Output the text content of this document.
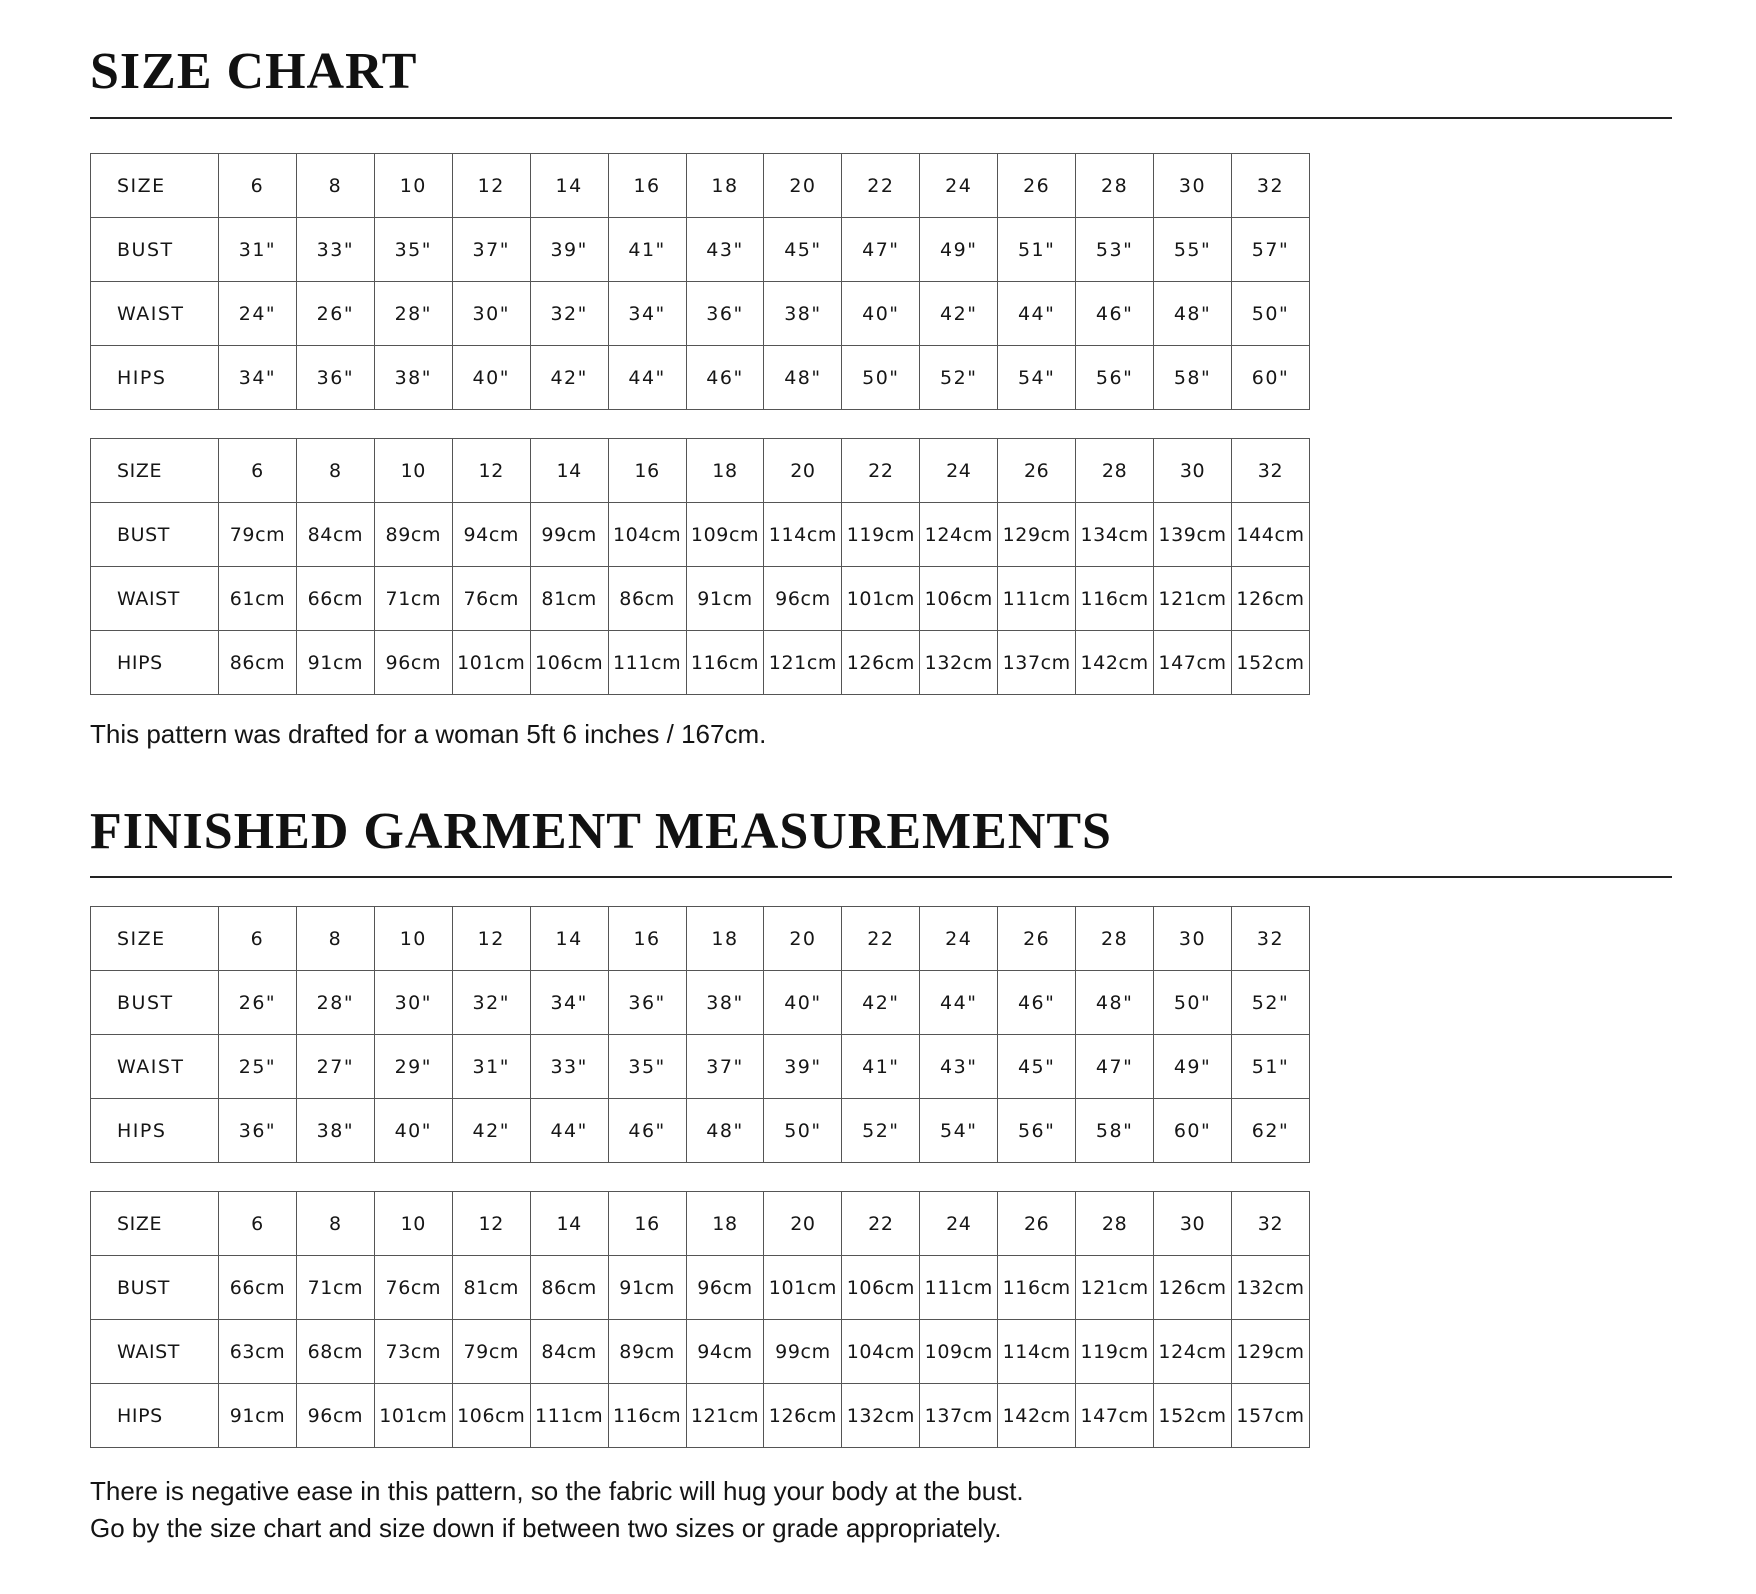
SIZE CHART
SIZE	6	8	10	12	14	16	18	20	22	24	26	28	30	32
BUST	31"	33"	35"	37"	39"	41"	43"	45"	47"	49"	51"	53"	55"	57"
WAIST	24"	26"	28"	30"	32"	34"	36"	38"	40"	42"	44"	46"	48"	50"
HIPS	34"	36"	38"	40"	42"	44"	46"	48"	50"	52"	54"	56"	58"	60"
SIZE	6	8	10	12	14	16	18	20	22	24	26	28	30	32
BUST	79cm	84cm	89cm	94cm	99cm	104cm	109cm	114cm	119cm	124cm	129cm	134cm	139cm	144cm
WAIST	61cm	66cm	71cm	76cm	81cm	86cm	91cm	96cm	101cm	106cm	111cm	116cm	121cm	126cm
HIPS	86cm	91cm	96cm	101cm	106cm	111cm	116cm	121cm	126cm	132cm	137cm	142cm	147cm	152cm

This pattern was drafted for a woman 5ft 6 inches / 167cm.

FINISHED GARMENT MEASUREMENTS
SIZE	6	8	10	12	14	16	18	20	22	24	26	28	30	32
BUST	26"	28"	30"	32"	34"	36"	38"	40"	42"	44"	46"	48"	50"	52"
WAIST	25"	27"	29"	31"	33"	35"	37"	39"	41"	43"	45"	47"	49"	51"
HIPS	36"	38"	40"	42"	44"	46"	48"	50"	52"	54"	56"	58"	60"	62"
SIZE	6	8	10	12	14	16	18	20	22	24	26	28	30	32
BUST	66cm	71cm	76cm	81cm	86cm	91cm	96cm	101cm	106cm	111cm	116cm	121cm	126cm	132cm
WAIST	63cm	68cm	73cm	79cm	84cm	89cm	94cm	99cm	104cm	109cm	114cm	119cm	124cm	129cm
HIPS	91cm	96cm	101cm	106cm	111cm	116cm	121cm	126cm	132cm	137cm	142cm	147cm	152cm	157cm

There is negative ease in this pattern, so the fabric will hug your body at the bust.
Go by the size chart and size down if between two sizes or grade appropriately.
